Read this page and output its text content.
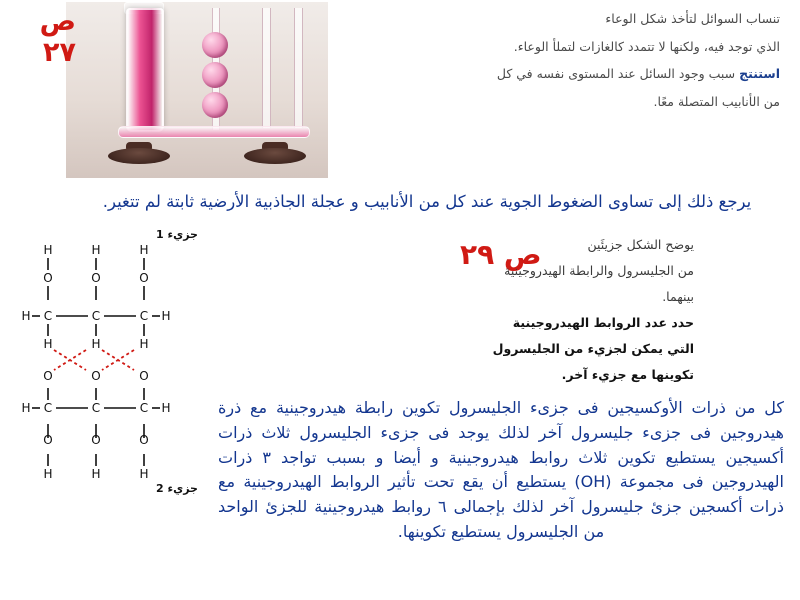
ص ٢٧

تنساب السوائل لتأخذ شكل الوعاء

الذي توجد فيه، ولكنها لا تتمدد كالغازات لتملأ الوعاء.

استنتج سبب وجود السائل عند المستوى نفسه في كل

من الأنابيب المتصلة معًا.

يرجع ذلك إلى تساوى الضغوط الجوية عند كل من الأنابيب و عجلة الجاذبية الأرضية ثابتة لم تتغير.
ص ٢٩
H	H	H
O	O	O
C	C	C
H	H
H	H	H
O	O	O
C	C	C
H	H
O	O	O
H	H	H
جزيء 1
جزيء 2

يوضح الشكل جزيئَين

من الجليسرول والرابطة الهيدروجينية

بينهما.

حدد عدد الروابط الهيدروجينية

التي يمكن لجزيء من الجليسرول

تكوينها مع جزيء آخر.

كل من ذرات الأوكسيجين فى جزىء الجليسرول تكوين رابطة هيدروجينية مع ذرة هيدروجين فى جزىء جليسرول آخر لذلك يوجد فى جزىء الجليسرول ثلاث ذرات أكسيجين يستطيع تكوين ثلاث روابط هيدروجينية و أيضا و بسبب تواجد ٣ ذرات الهيدروجين فى مجموعة (OH) يستطيع أن يقع تحت تأثير الروابط الهيدروجينية مع ذرات أكسجين جزئ جليسرول آخر لذلك بإجمالى ٦ روابط هيدروجينية للجزئ الواحد من الجليسرول يستطيع تكوينها.
